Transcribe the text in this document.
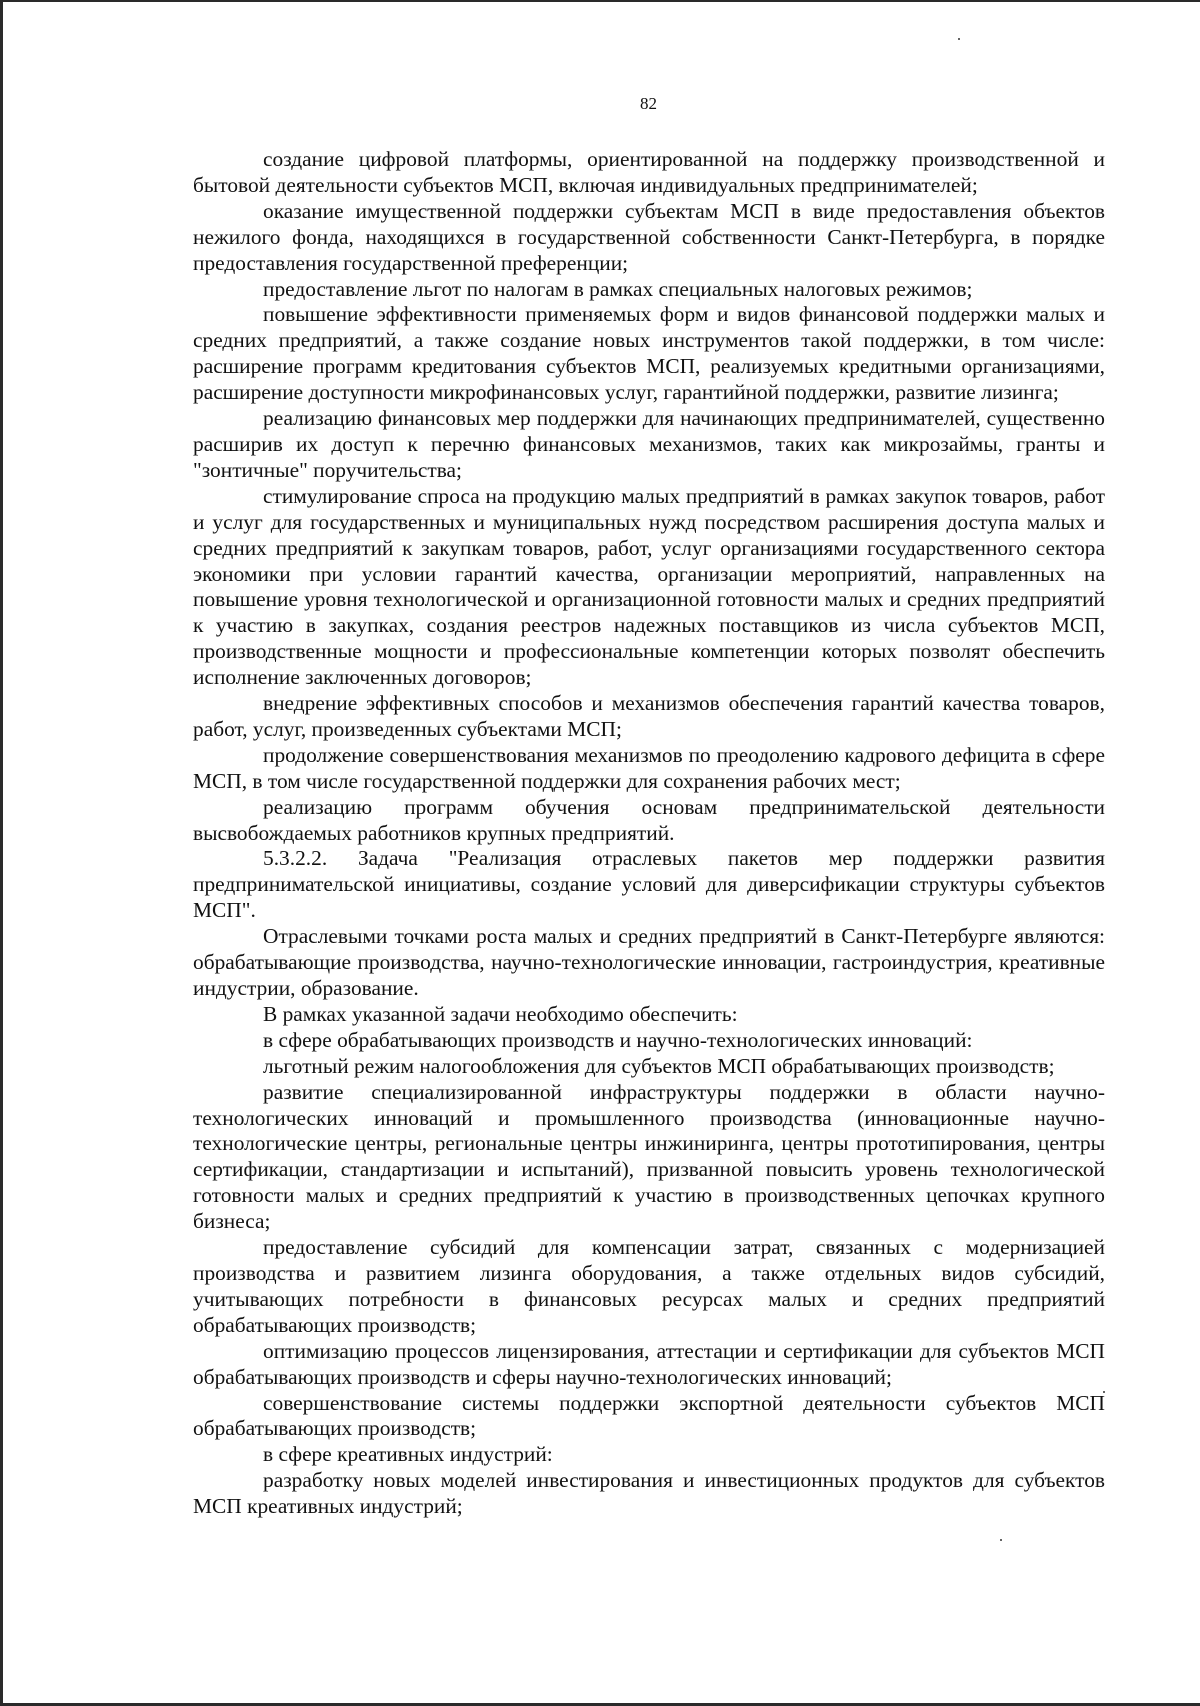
82

создание цифровой платформы, ориентированной на поддержку производственной и бытовой деятельности субъектов МСП, включая индивидуальных предпринимателей;

оказание имущественной поддержки субъектам МСП в виде предоставления объектов нежилого фонда, находящихся в государственной собственности Санкт-Петербурга, в порядке предоставления государственной преференции;

предоставление льгот по налогам в рамках специальных налоговых режимов;

повышение эффективности применяемых форм и видов финансовой поддержки малых и средних предприятий, а также создание новых инструментов такой поддержки, в том числе: расширение программ кредитования субъектов МСП, реализуемых кредитными организациями, расширение доступности микрофинансовых услуг, гарантийной поддержки, развитие лизинга;

реализацию финансовых мер поддержки для начинающих предпринимателей, существенно расширив их доступ к перечню финансовых механизмов, таких как микрозаймы, гранты и "зонтичные" поручительства;

стимулирование спроса на продукцию малых предприятий в рамках закупок товаров, работ и услуг для государственных и муниципальных нужд посредством расширения доступа малых и средних предприятий к закупкам товаров, работ, услуг организациями государственного сектора экономики при условии гарантий качества, организации мероприятий, направленных на повышение уровня технологической и организационной готовности малых и средних предприятий к участию в закупках, создания реестров надежных поставщиков из числа субъектов МСП, производственные мощности и профессиональные компетенции которых позволят обеспечить исполнение заключенных договоров;

внедрение эффективных способов и механизмов обеспечения гарантий качества товаров, работ, услуг, произведенных субъектами МСП;

продолжение совершенствования механизмов по преодолению кадрового дефицита в сфере МСП, в том числе государственной поддержки для сохранения рабочих мест;

реализацию программ обучения основам предпринимательской деятельности высвобождаемых работников крупных предприятий.

5.3.2.2. Задача "Реализация отраслевых пакетов мер поддержки развития предпринимательской инициативы, создание условий для диверсификации структуры субъектов МСП".

Отраслевыми точками роста малых и средних предприятий в Санкт-Петербурге являются: обрабатывающие производства, научно-технологические инновации, гастроиндустрия, креативные индустрии, образование.

В рамках указанной задачи необходимо обеспечить:

в сфере обрабатывающих производств и научно-технологических инноваций:

льготный режим налогообложения для субъектов МСП обрабатывающих производств;

развитие специализированной инфраструктуры поддержки в области научно-технологических инноваций и промышленного производства (инновационные научно-технологические центры, региональные центры инжиниринга, центры прототипирования, центры сертификации, стандартизации и испытаний), призванной повысить уровень технологической готовности малых и средних предприятий к участию в производственных цепочках крупного бизнеса;

предоставление субсидий для компенсации затрат, связанных с модернизацией производства и развитием лизинга оборудования, а также отдельных видов субсидий, учитывающих потребности в финансовых ресурсах малых и средних предприятий обрабатывающих производств;

оптимизацию процессов лицензирования, аттестации и сертификации для субъектов МСП обрабатывающих производств и сферы научно-технологических инноваций;

совершенствование системы поддержки экспортной деятельности субъектов МСП обрабатывающих производств;

в сфере креативных индустрий:

разработку новых моделей инвестирования и инвестиционных продуктов для субъектов МСП креативных индустрий;
